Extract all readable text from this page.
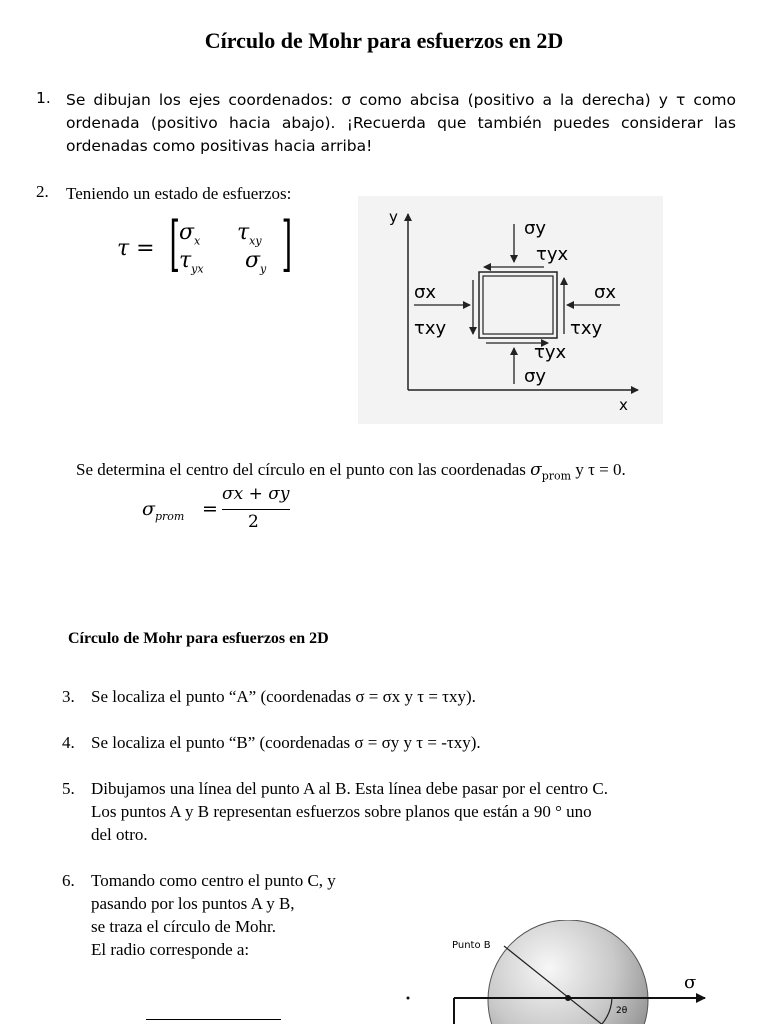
Círculo de Mohr para esfuerzos en 2D
1. Se dibujan los ejes coordenados: σ como abcisa (positivo a la derecha) y τ como ordenada (positivo hacia abajo). ¡Recuerda que también puedes considerar las ordenadas como positivas hacia arriba!
2. Teniendo un estado de esfuerzos:
τ = [ $\sigma_x$ $\tau_{xy}$
$\tau_{yx}$ $\sigma_y$ ]	y
x
σy
τyx
σx
τxy
σx
τxy
τyx
σy
Se determina el centro del círculo en el punto con las coordenadas $\sigma_{prom}$ y τ = 0.
$\sigma_{prom}$ =
σx + σy
2
Círculo de Mohr para esfuerzos en 2D
3. Se localiza el punto “A” (coordenadas σ = σx y τ = τxy).
4. Se localiza el punto “B” (coordenadas σ = σy y τ = -τxy).
5. Dibujamos una línea del punto A al B. Esta línea debe pasar por el centro C.
Los puntos A y B representan esfuerzos sobre planos que están a 90 ° uno
del otro.
6. Tomando como centro el punto C, y
pasando por los puntos A y B,
se traza el círculo de Mohr.
El radio corresponde a:	Punto B
σ
2θ
